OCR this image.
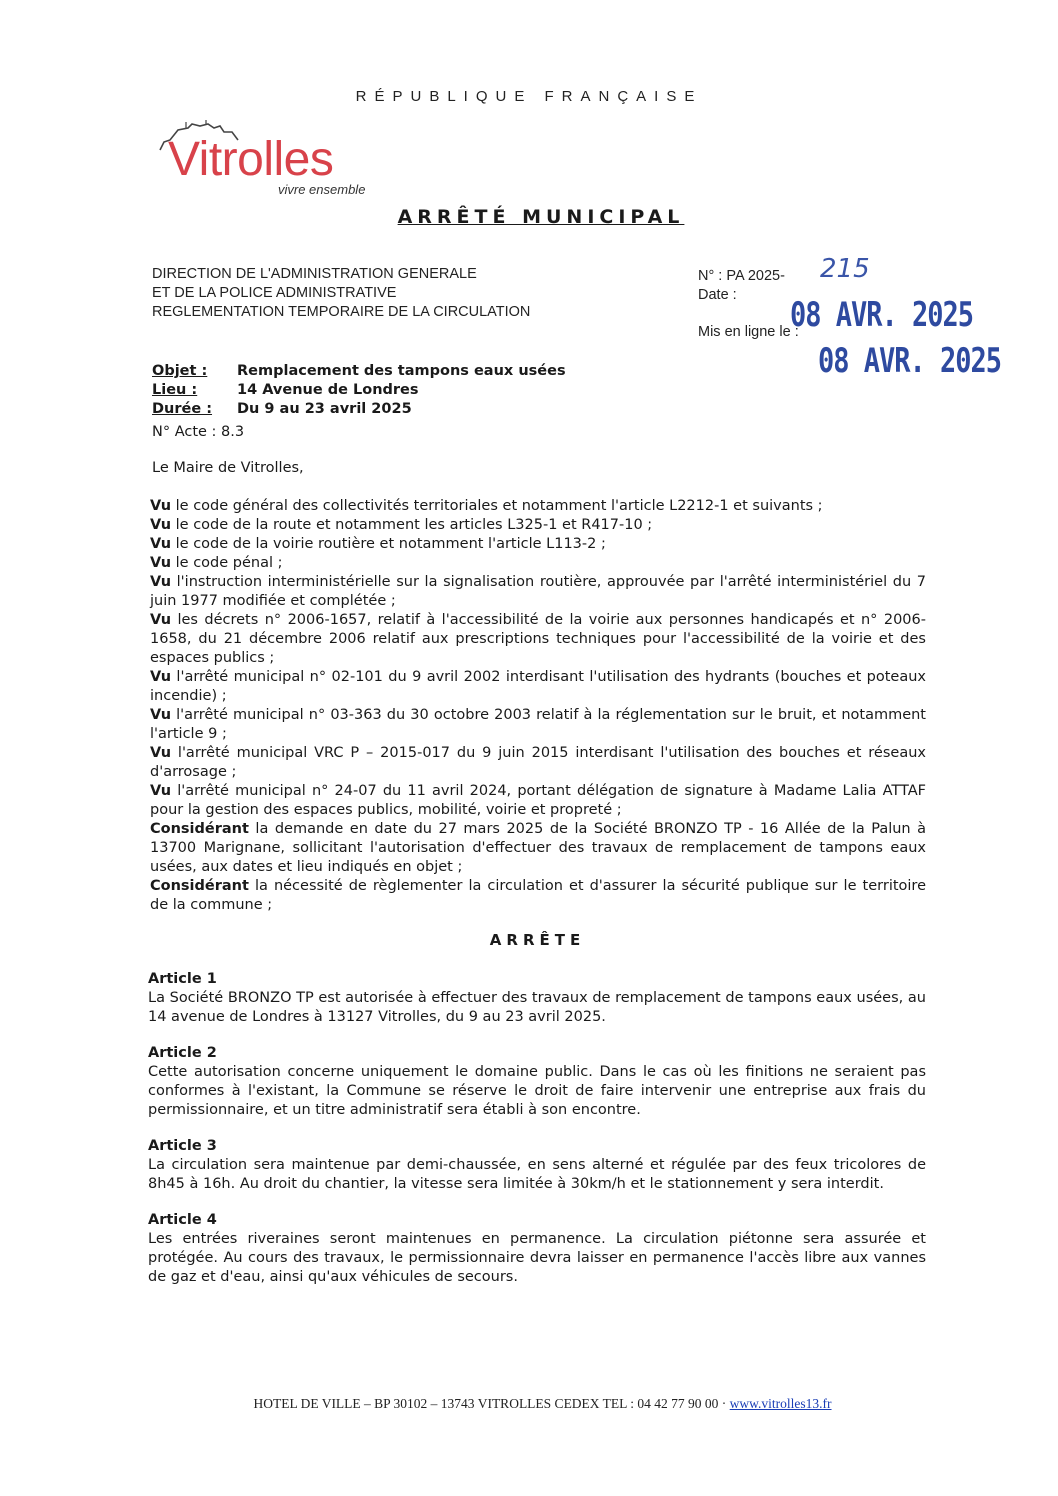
RÉPUBLIQUE FRANÇAISE
Vitrolles
vivre ensemble
ARRÊTÉ MUNICIPAL
DIRECTION DE L'ADMINISTRATION GENERALE
ET DE LA POLICE ADMINISTRATIVE
REGLEMENTATION TEMPORAIRE DE LA CIRCULATION
N° : PA 2025-
Date :
Mis en ligne le :
215
08 AVR. 2025
08 AVR. 2025
Objet :	Remplacement des tampons eaux usées
Lieu :	14 Avenue de Londres
Durée :	Du 9 au 23 avril 2025
N° Acte : 8.3
Le Maire de Vitrolles,

Vu le code général des collectivités territoriales et notamment l'article L2212-1 et suivants ;

Vu le code de la route et notamment les articles L325-1 et R417-10 ;

Vu le code de la voirie routière et notamment l'article L113-2 ;

Vu le code pénal ;

Vu l'instruction interministérielle sur la signalisation routière, approuvée par l'arrêté interministériel du 7 juin 1977 modifiée et complétée ;

Vu les décrets n° 2006-1657, relatif à l'accessibilité de la voirie aux personnes handicapés et n° 2006-1658, du 21 décembre 2006 relatif aux prescriptions techniques pour l'accessibilité de la voirie et des espaces publics ;

Vu l'arrêté municipal n° 02-101 du 9 avril 2002 interdisant l'utilisation des hydrants (bouches et poteaux incendie) ;

Vu l'arrêté municipal n° 03-363 du 30 octobre 2003 relatif à la réglementation sur le bruit, et notamment l'article 9 ;

Vu l'arrêté municipal VRC P – 2015-017 du 9 juin 2015 interdisant l'utilisation des bouches et réseaux d'arrosage ;

Vu l'arrêté municipal n° 24-07 du 11 avril 2024, portant délégation de signature à Madame Lalia ATTAF pour la gestion des espaces publics, mobilité, voirie et propreté ;

Considérant la demande en date du 27 mars 2025 de la Société BRONZO TP - 16 Allée de la Palun à 13700 Marignane, sollicitant l'autorisation d'effectuer des travaux de remplacement de tampons eaux usées, aux dates et lieu indiqués en objet ;

Considérant la nécessité de règlementer la circulation et d'assurer la sécurité publique sur le territoire de la commune ;

ARRÊTE
Article 1

La Société BRONZO TP est autorisée à effectuer des travaux de remplacement de tampons eaux usées, au 14 avenue de Londres à 13127 Vitrolles, du 9 au 23 avril 2025.

Article 2

Cette autorisation concerne uniquement le domaine public. Dans le cas où les finitions ne seraient pas conformes à l'existant, la Commune se réserve le droit de faire intervenir une entreprise aux frais du permissionnaire, et un titre administratif sera établi à son encontre.

Article 3

La circulation sera maintenue par demi-chaussée, en sens alterné et régulée par des feux tricolores de 8h45 à 16h. Au droit du chantier, la vitesse sera limitée à 30km/h et le stationnement y sera interdit.

Article 4

Les entrées riveraines seront maintenues en permanence. La circulation piétonne sera assurée et protégée. Au cours des travaux, le permissionnaire devra laisser en permanence l'accès libre aux vannes de gaz et d'eau, ainsi qu'aux véhicules de secours.

HOTEL DE VILLE – BP 30102 – 13743 VITROLLES CEDEX TEL : 04 42 77 90 00 · www.vitrolles13.fr
